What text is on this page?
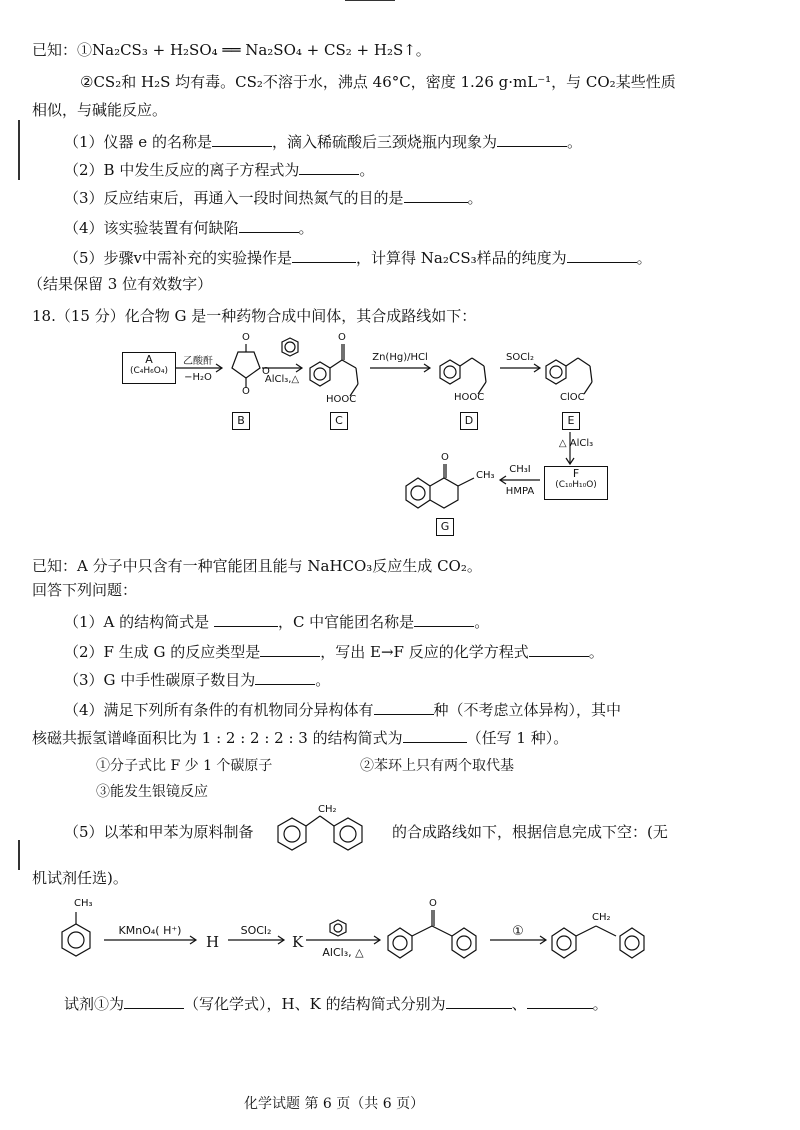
已知：①Na₂CS₃ + H₂SO₄ ══ Na₂SO₄ + CS₂ + H₂S↑。
②CS₂和 H₂S 均有毒。CS₂不溶于水，沸点 46°C，密度 1.26 g·mL⁻¹，与 CO₂某些性质
相似，与碱能反应。
（1）仪器 e 的名称是	，滴入稀硫酸后三颈烧瓶内现象为	。
（2）B 中发生反应的离子方程式为	。
（3）反应结束后，再通入一段时间热氮气的目的是	。
（4）该实验装置有何缺陷	。
（5）步骤ⅴ中需补充的实验操作是	，计算得 Na₂CS₃样品的纯度为	。
（结果保留 3 位有效数字）
18.（15 分）化合物 G 是一种药物合成中间体，其合成路线如下：
A
(C₄H₆O₄)
乙酸酐
−H₂O
O
O
O
AlCl₃,△
O
HOOC
Zn(Hg)/HCl
HOOC
SOCl₂
ClOC
B	C	D	E
△ AlCl₃
F
(C₁₀H₁₀O)
CH₃I
HMPA
O
CH₃
G
已知：A 分子中只含有一种官能团且能与 NaHCO₃反应生成 CO₂。
回答下列问题：
（1）A 的结构简式是	，C 中官能团名称是	。
（2）F 生成 G 的反应类型是	，写出 E→F 反应的化学方程式	。
（3）G 中手性碳原子数目为	。
（4）满足下列所有条件的有机物同分异构体有	种（不考虑立体异构），其中
核磁共振氢谱峰面积比为 1 : 2 : 2 : 2 : 3 的结构简式为	（任写 1 种）。
①分子式比 F 少 1 个碳原子	②苯环上只有两个取代基
③能发生银镜反应
（5）以苯和甲苯为原料制备
CH₂
的合成路线如下，根据信息完成下空：(无
机试剂任选)。
CH₃
KMnO₄( H⁺)
H
SOCl₂
K
AlCl₃, △
O
①
CH₂
试剂①为	（写化学式），H、K 的结构简式分别为	、	。
化学试题 第 6 页（共 6 页）
